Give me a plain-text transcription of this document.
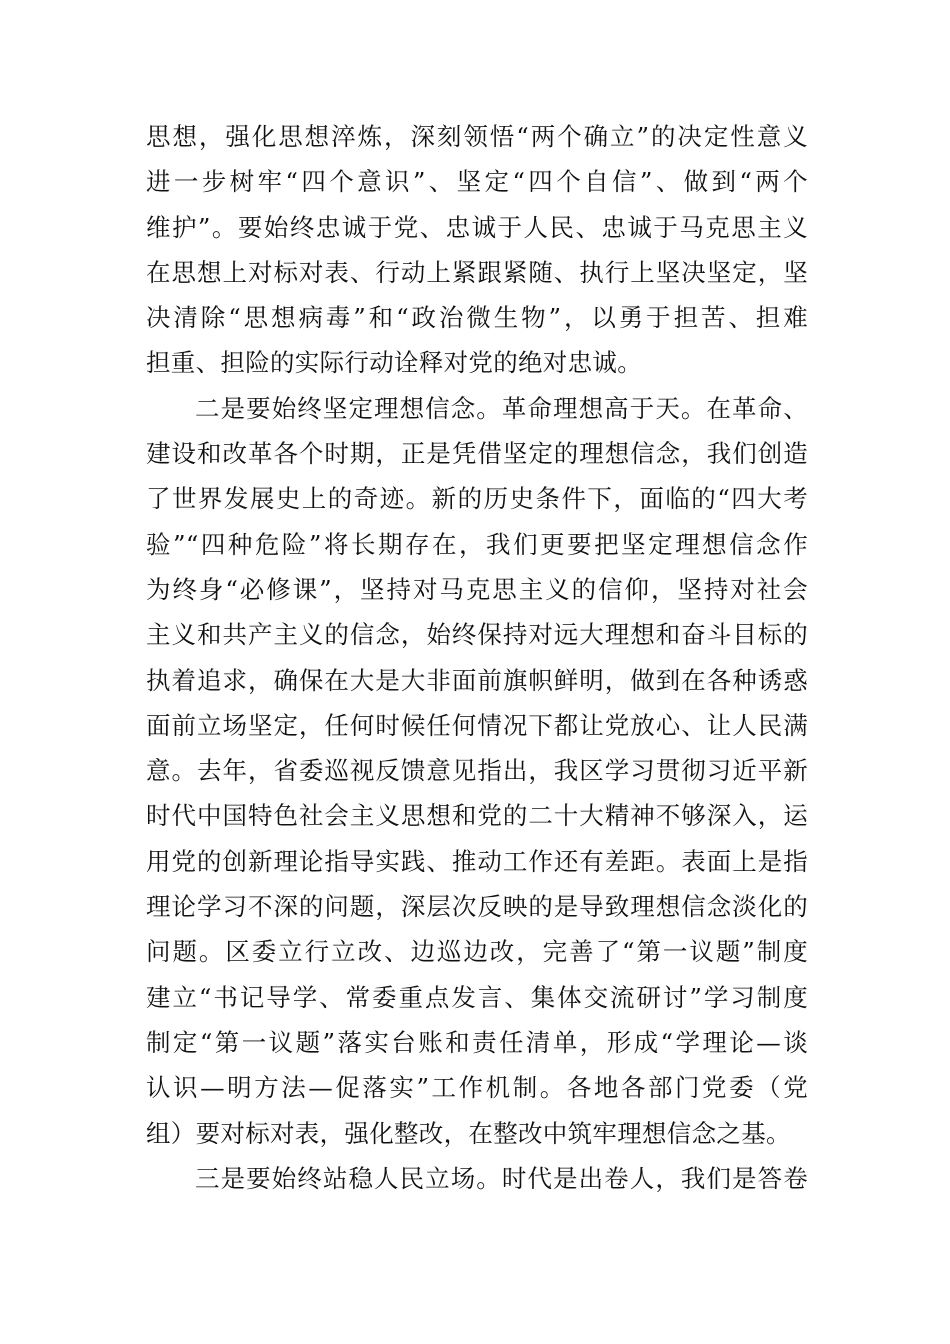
思想，强化思想淬炼，深刻领悟“两个确立”的决定性意义
进一步树牢“四个意识”、坚定“四个自信”、做到“两个
维护”。要始终忠诚于党、忠诚于人民、忠诚于马克思主义
在思想上对标对表、行动上紧跟紧随、执行上坚决坚定，坚
决清除“思想病毒”和“政治微生物”，以勇于担苦、担难
担重、担险的实际行动诠释对党的绝对忠诚。
二是要始终坚定理想信念。革命理想高于天。在革命、
建设和改革各个时期，正是凭借坚定的理想信念，我们创造
了世界发展史上的奇迹。新的历史条件下，面临的“四大考
验”“四种危险”将长期存在，我们更要把坚定理想信念作
为终身“必修课”，坚持对马克思主义的信仰，坚持对社会
主义和共产主义的信念，始终保持对远大理想和奋斗目标的
执着追求，确保在大是大非面前旗帜鲜明，做到在各种诱惑
面前立场坚定，任何时候任何情况下都让党放心、让人民满
意。去年，省委巡视反馈意见指出，我区学习贯彻习近平新
时代中国特色社会主义思想和党的二十大精神不够深入，运
用党的创新理论指导实践、推动工作还有差距。表面上是指
理论学习不深的问题，深层次反映的是导致理想信念淡化的
问题。区委立行立改、边巡边改，完善了“第一议题”制度
建立“书记导学、常委重点发言、集体交流研讨”学习制度
制定“第一议题”落实台账和责任清单，形成“学理论—谈
认识—明方法—促落实”工作机制。各地各部门党委（党
组）要对标对表，强化整改，在整改中筑牢理想信念之基。
三是要始终站稳人民立场。时代是出卷人，我们是答卷
